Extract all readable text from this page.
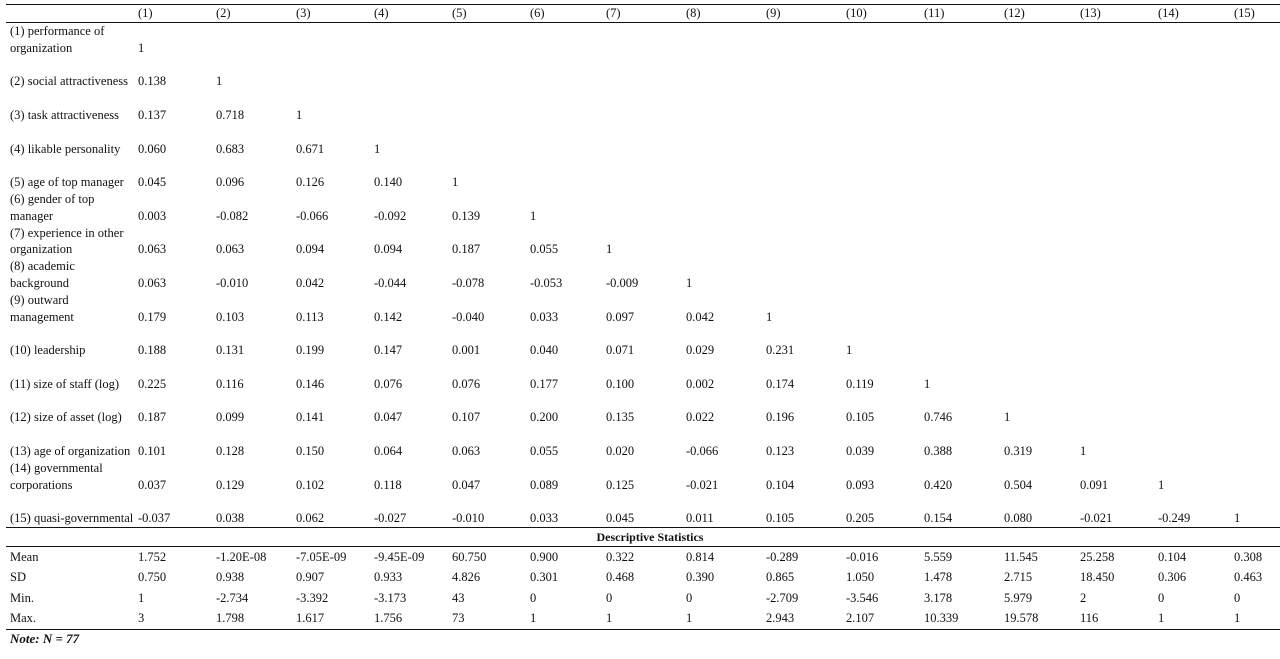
	(1)	(2)	(3)	(4)	(5)	(6)	(7)	(8)	(9)	(10)	(11)	(12)	(13)	(14)	(15)
(1) performance of organization	1														
(2) social attractiveness	0.138	1													
(3) task attractiveness	0.137	0.718	1												
(4) likable personality	0.060	0.683	0.671	1											
(5) age of top manager	0.045	0.096	0.126	0.140	1										
(6) gender of top manager	0.003	-0.082	-0.066	-0.092	0.139	1									
(7) experience in other organization	0.063	0.063	0.094	0.094	0.187	0.055	1								
(8) academic background	0.063	-0.010	0.042	-0.044	-0.078	-0.053	-0.009	1							
(9) outward management	0.179	0.103	0.113	0.142	-0.040	0.033	0.097	0.042	1						
(10) leadership	0.188	0.131	0.199	0.147	0.001	0.040	0.071	0.029	0.231	1					
(11) size of staff (log)	0.225	0.116	0.146	0.076	0.076	0.177	0.100	0.002	0.174	0.119	1				
(12) size of asset (log)	0.187	0.099	0.141	0.047	0.107	0.200	0.135	0.022	0.196	0.105	0.746	1			
(13) age of organization	0.101	0.128	0.150	0.064	0.063	0.055	0.020	-0.066	0.123	0.039	0.388	0.319	1		
(14) governmental corporations	0.037	0.129	0.102	0.118	0.047	0.089	0.125	-0.021	0.104	0.093	0.420	0.504	0.091	1	
(15) quasi-governmental	-0.037	0.038	0.062	-0.027	-0.010	0.033	0.045	0.011	0.105	0.205	0.154	0.080	-0.021	-0.249	1
Descriptive Statistics															
Mean	1.752	-1.20E-08	-7.05E-09	-9.45E-09	60.750	0.900	0.322	0.814	-0.289	-0.016	5.559	11.545	25.258	0.104	0.308
SD	0.750	0.938	0.907	0.933	4.826	0.301	0.468	0.390	0.865	1.050	1.478	2.715	18.450	0.306	0.463
Min.	1	-2.734	-3.392	-3.173	43	0	0	0	-2.709	-3.546	3.178	5.979	2	0	0
Max.	3	1.798	1.617	1.756	73	1	1	1	2.943	2.107	10.339	19.578	116	1	1
Note: N = 77
